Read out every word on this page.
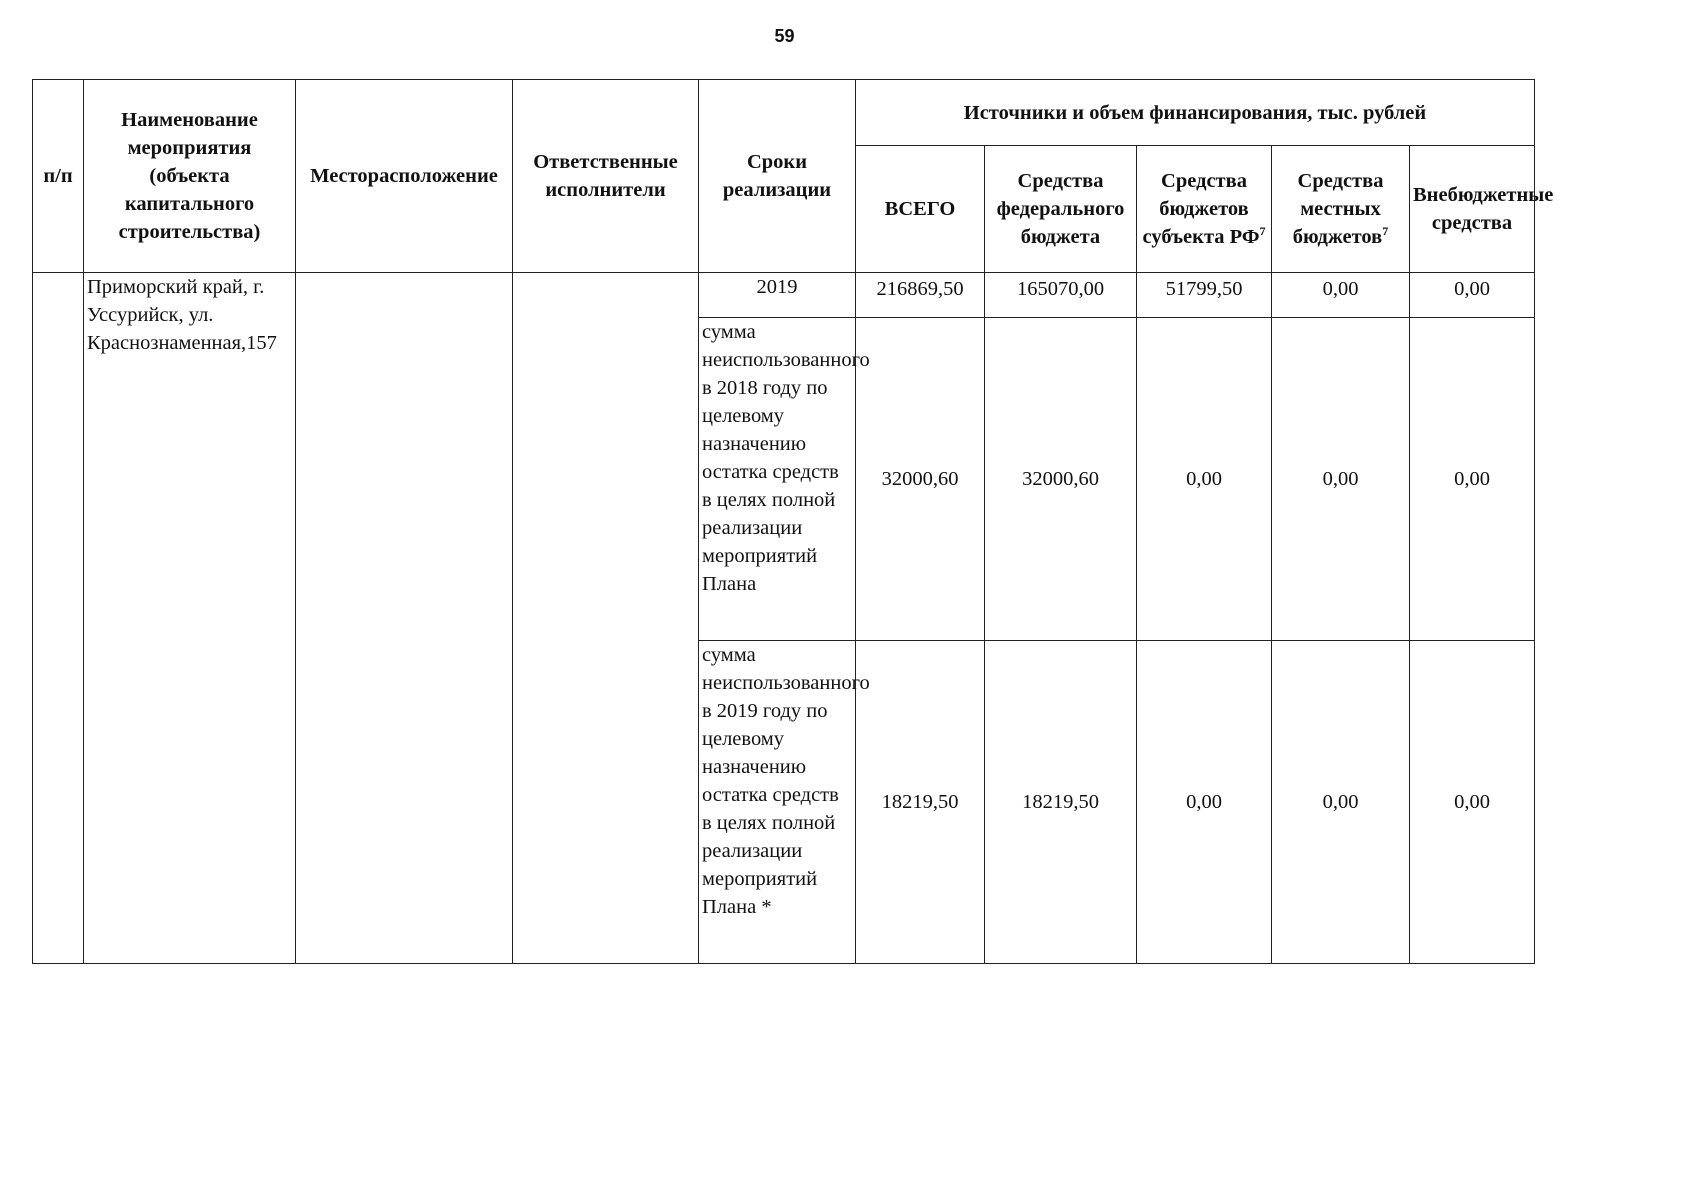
59
п/п	Наименование мероприятия (объекта капитального строительства)	Месторасположение	Ответственные исполнители	Сроки реализации	Источники и объем финансирования, тыс. рублей				
					ВСЕГО	Средства федерального бюджета	Средства бюджетов субъекта $РФ^7$	Средства местных бюджетов$^7$	Внебюджетные средства
	Приморский край, г. Уссурийск, ул. Краснознаменная,157			2019	216869,50	165070,00	51799,50	0,00	0,00
				сумма неиспользованного в 2018 году по целевому назначению остатка средств в целях полной реализации мероприятий Плана	32000,60	32000,60	0,00	0,00	0,00
				сумма неиспользованного в 2019 году по целевому назначению остатка средств в целях полной реализации мероприятий Плана *	18219,50	18219,50	0,00	0,00	0,00
